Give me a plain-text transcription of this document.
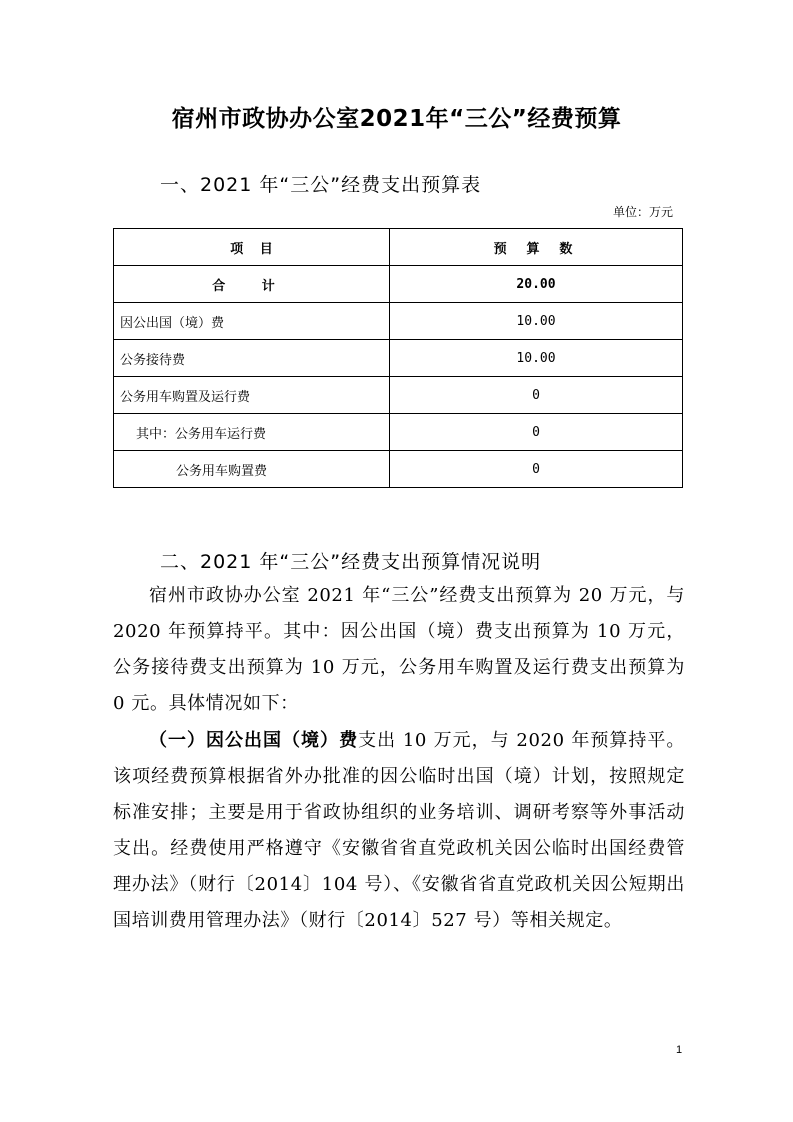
宿州市政协办公室2021年“三公”经费预算
一、2021 年“三公”经费支出预算表
单位：万元
项 目	预 算 数
合 计	20.00
因公出国（境）费	10.00
公务接待费	10.00
公务用车购置及运行费	0
其中：公务用车运行费	0
公务用车购置费	0
二、2021 年“三公”经费支出预算情况说明

宿州市政协办公室 2021 年“三公”经费支出预算为 20 万元，与 2020 年预算持平。其中：因公出国（境）费支出预算为 10 万元，公务接待费支出预算为 10 万元，公务用车购置及运行费支出预算为 0 元。具体情况如下：

（一）因公出国（境）费支出 10 万元，与 2020 年预算持平。该项经费预算根据省外办批准的因公临时出国（境）计划，按照规定标准安排；主要是用于省政协组织的业务培训、调研考察等外事活动支出。经费使用严格遵守《安徽省省直党政机关因公临时出国经费管理办法》（财行〔2014〕104 号）、《安徽省省直党政机关因公短期出国培训费用管理办法》（财行〔2014〕527 号）等相关规定。

1
